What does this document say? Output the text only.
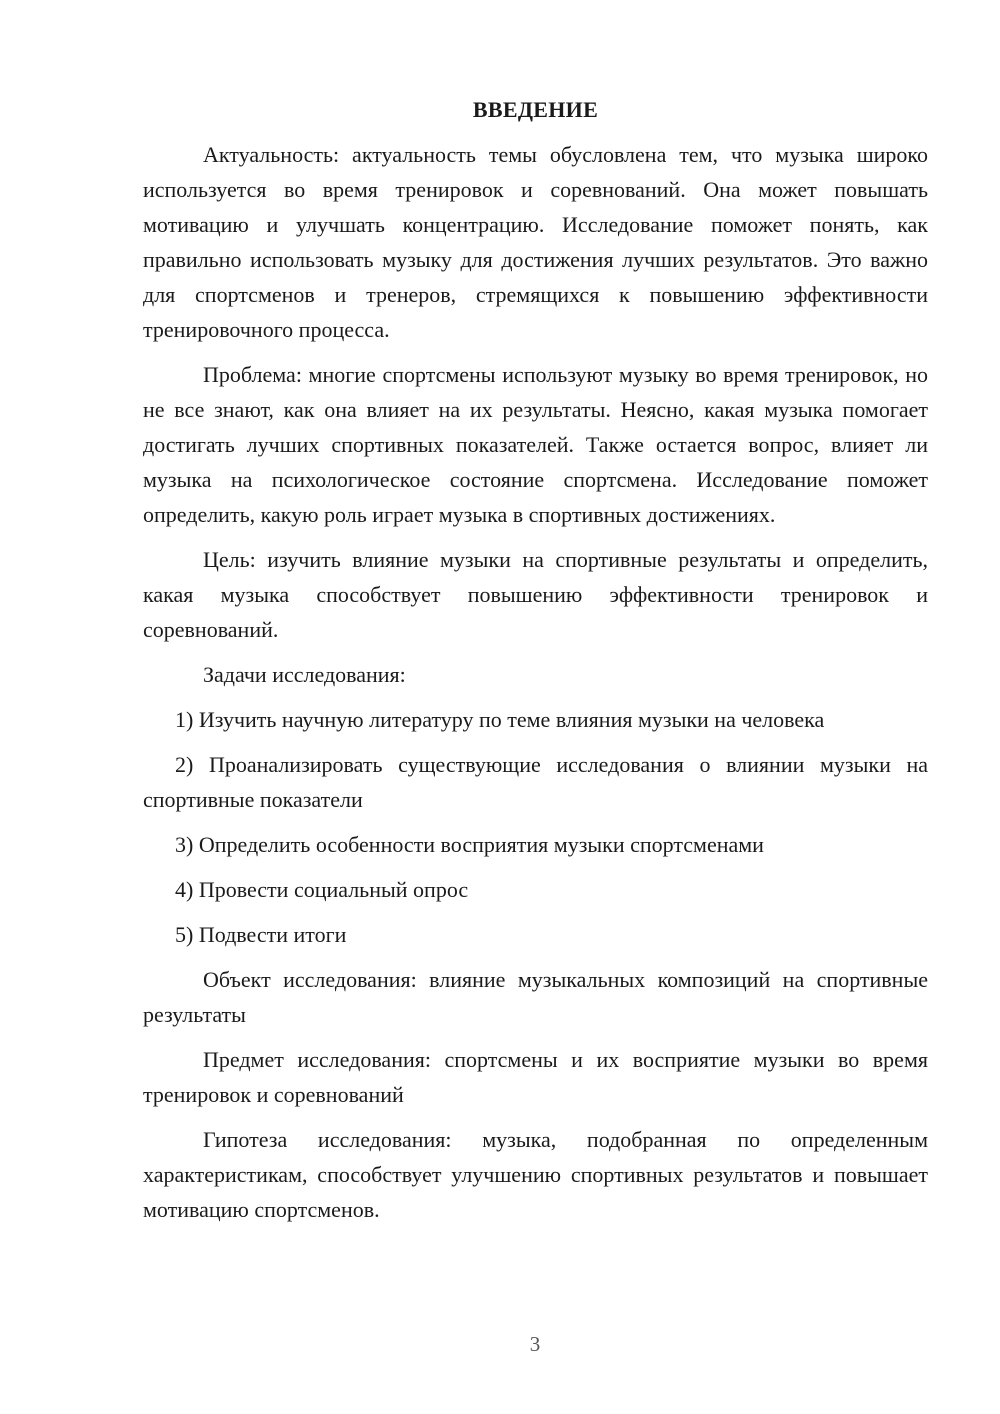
ВВЕДЕНИЕ

Актуальность: актуальность темы обусловлена тем, что музыка широко используется во время тренировок и соревнований. Она может повышать мотивацию и улучшать концентрацию. Исследование поможет понять, как правильно использовать музыку для достижения лучших результатов. Это важно для спортсменов и тренеров, стремящихся к повышению эффективности тренировочного процесса.

Проблема: многие спортсмены используют музыку во время тренировок, но не все знают, как она влияет на их результаты. Неясно, какая музыка помогает достигать лучших спортивных показателей. Также остается вопрос, влияет ли музыка на психологическое состояние спортсмена. Исследование поможет определить, какую роль играет музыка в спортивных достижениях.

Цель: изучить влияние музыки на спортивные результаты и определить, какая музыка способствует повышению эффективности тренировок и соревнований.

Задачи исследования:

1) Изучить научную литературу по теме влияния музыки на человека

2) Проанализировать существующие исследования о влиянии музыки на спортивные показатели

3) Определить особенности восприятия музыки спортсменами

4) Провести социальный опрос

5) Подвести итоги

Объект исследования: влияние музыкальных композиций на спортивные результаты

Предмет исследования: спортсмены и их восприятие музыки во время тренировок и соревнований

Гипотеза исследования: музыка, подобранная по определенным характеристикам, способствует улучшению спортивных результатов и повышает мотивацию спортсменов.

3
